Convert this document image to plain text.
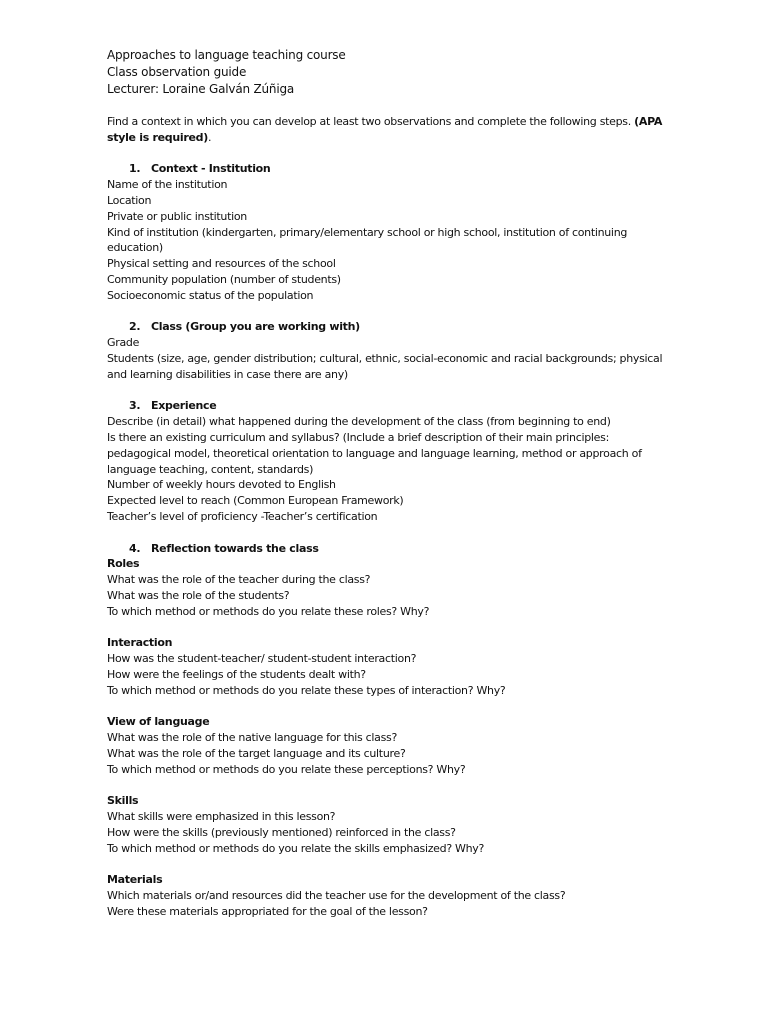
Approaches to language teaching course
Class observation guide
Lecturer: Loraine Galván Zúñiga
Find a context in which you can develop at least two observations and complete the following steps. (APA style is required).
1. Context - Institution
Name of the institution
Location
Private or public institution
Kind of institution (kindergarten, primary/elementary school or high school, institution of continuing education)
Physical setting and resources of the school
Community population (number of students)
Socioeconomic status of the population
2. Class (Group you are working with)
Grade
Students (size, age, gender distribution; cultural, ethnic, social-economic and racial backgrounds; physical and learning disabilities in case there are any)
3. Experience
Describe (in detail) what happened during the development of the class (from beginning to end)
Is there an existing curriculum and syllabus? (Include a brief description of their main principles: pedagogical model, theoretical orientation to language and language learning, method or approach of language teaching, content, standards)
Number of weekly hours devoted to English
Expected level to reach (Common European Framework)
Teacher’s level of proficiency -Teacher’s certification
4. Reflection towards the class
Roles
What was the role of the teacher during the class?
What was the role of the students?
To which method or methods do you relate these roles? Why?
Interaction
How was the student-teacher/ student-student interaction?
How were the feelings of the students dealt with?
To which method or methods do you relate these types of interaction? Why?
View of language
What was the role of the native language for this class?
What was the role of the target language and its culture?
To which method or methods do you relate these perceptions? Why?
Skills
What skills were emphasized in this lesson?
How were the skills (previously mentioned) reinforced in the class?
To which method or methods do you relate the skills emphasized? Why?
Materials
Which materials or/and resources did the teacher use for the development of the class?
Were these materials appropriated for the goal of the lesson?
